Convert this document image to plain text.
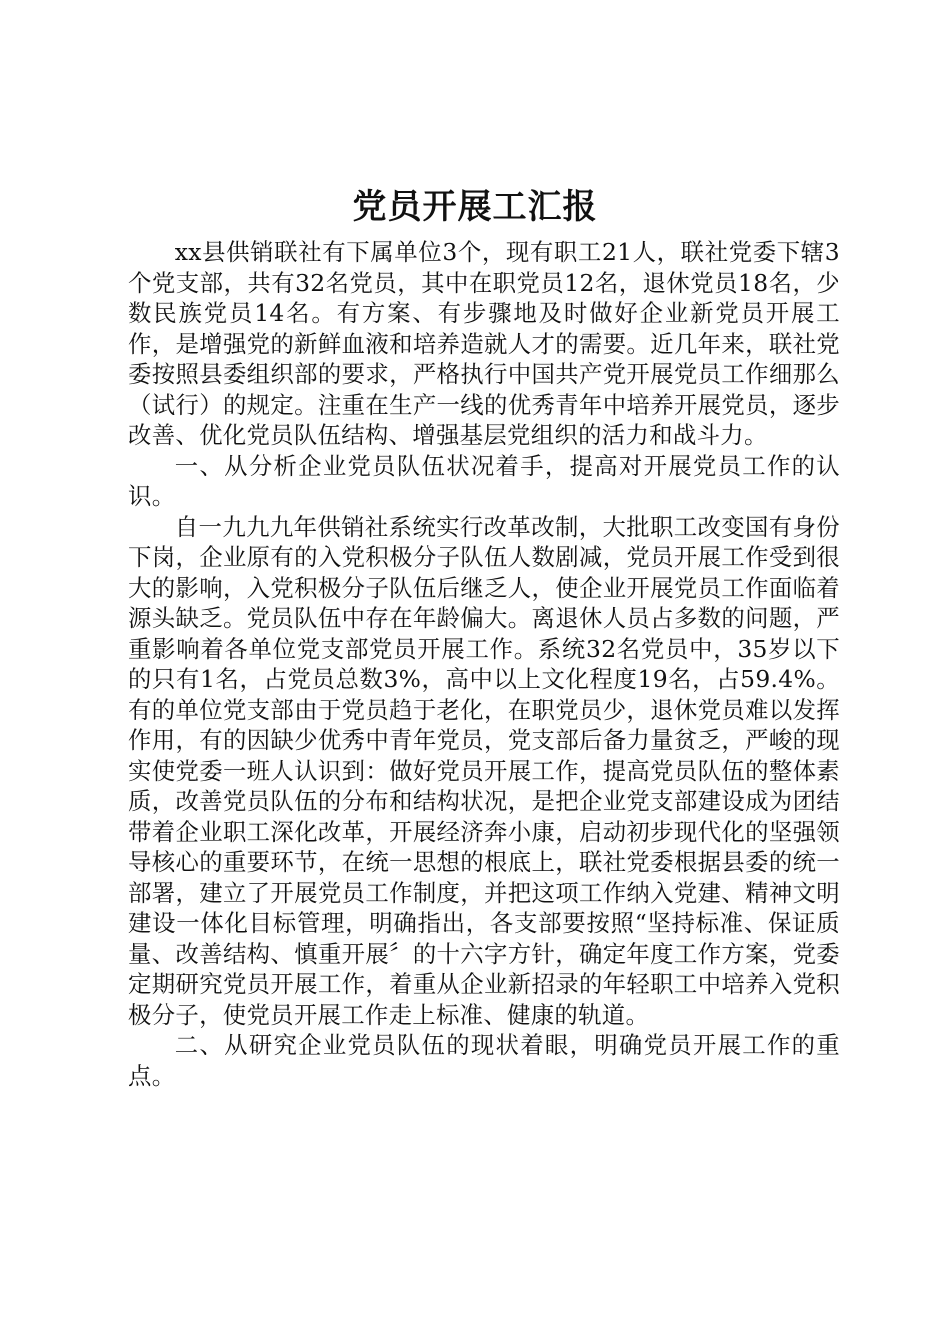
党员开展工汇报

xx县供销联社有下属单位3个，现有职工21人，联社党委下辖3个党支部，共有32名党员，其中在职党员12名，退休党员18名，少数民族党员14名。有方案、有步骤地及时做好企业新党员开展工作，是增强党的新鲜血液和培养造就人才的需要。近几年来，联社党委按照县委组织部的要求，严格执行中国共产党开展党员工作细那么（试行）的规定。注重在生产一线的优秀青年中培养开展党员，逐步改善、优化党员队伍结构、增强基层党组织的活力和战斗力。

一、从分析企业党员队伍状况着手，提高对开展党员工作的认识。

自一九九九年供销社系统实行改革改制，大批职工改变国有身份下岗，企业原有的入党积极分子队伍人数剧减，党员开展工作受到很大的影响，入党积极分子队伍后继乏人，使企业开展党员工作面临着源头缺乏。党员队伍中存在年龄偏大。离退休人员占多数的问题，严重影响着各单位党支部党员开展工作。系统32名党员中，35岁以下的只有1名，占党员总数3%，高中以上文化程度19名，占59.4%。有的单位党支部由于党员趋于老化，在职党员少，退休党员难以发挥作用，有的因缺少优秀中青年党员，党支部后备力量贫乏，严峻的现实使党委一班人认识到：做好党员开展工作，提高党员队伍的整体素质，改善党员队伍的分布和结构状况，是把企业党支部建设成为团结带着企业职工深化改革，开展经济奔小康，启动初步现代化的坚强领导核心的重要环节，在统一思想的根底上，联社党委根据县委的统一部署，建立了开展党员工作制度，并把这项工作纳入党建、精神文明建设一体化目标管理，明确指出，各支部要按照“坚持标准、保证质量、改善结构、慎重开展〞的十六字方针，确定年度工作方案，党委定期研究党员开展工作，着重从企业新招录的年轻职工中培养入党积极分子，使党员开展工作走上标准、健康的轨道。

二、从研究企业党员队伍的现状着眼，明确党员开展工作的重点。
